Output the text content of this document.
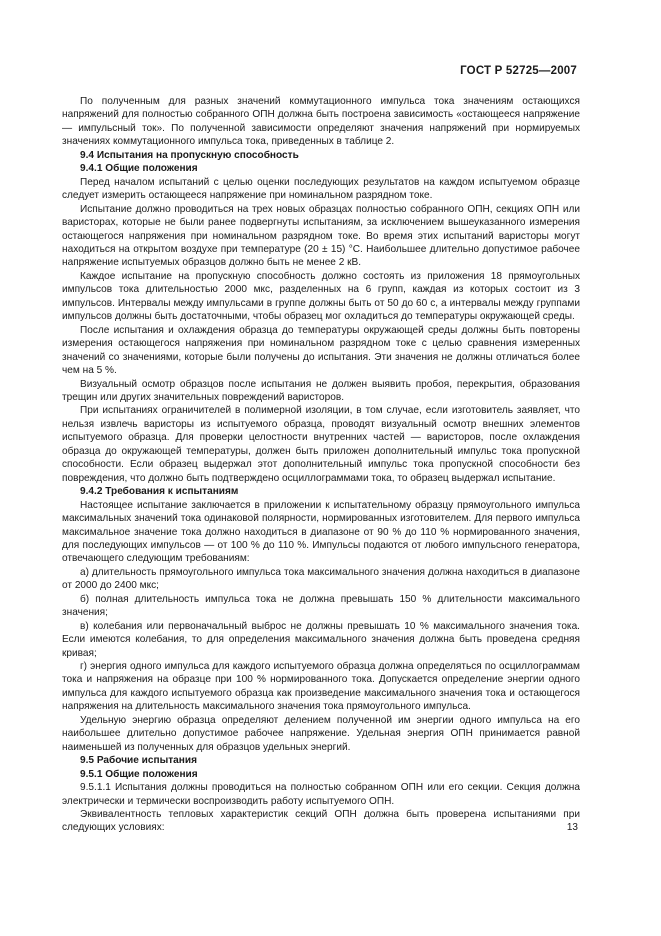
ГОСТ Р 52725—2007

По полученным для разных значений коммутационного импульса тока значениям остающихся напряжений для полностью собранного ОПН должна быть построена зависимость «остающееся напряжение — импульсный ток». По полученной зависимости определяют значения напряжений при нормируемых значениях коммутационного импульса тока, приведенных в таблице 2.

9.4 Испытания на пропускную способность

9.4.1 Общие положения

Перед началом испытаний с целью оценки последующих результатов на каждом испытуемом образце следует измерить остающееся напряжение при номинальном разрядном токе.

Испытание должно проводиться на трех новых образцах полностью собранного ОПН, секциях ОПН или варисторах, которые не были ранее подвергнуты испытаниям, за исключением вышеуказанного измерения остающегося напряжения при номинальном разрядном токе. Во время этих испытаний варисторы могут находиться на открытом воздухе при температуре (20 ± 15) °С. Наибольшее длительно допустимое рабочее напряжение испытуемых образцов должно быть не менее 2 кВ.

Каждое испытание на пропускную способность должно состоять из приложения 18 прямоугольных импульсов тока длительностью 2000 мкс, разделенных на 6 групп, каждая из которых состоит из 3 импульсов. Интервалы между импульсами в группе должны быть от 50 до 60 с, а интервалы между группами импульсов должны быть достаточными, чтобы образец мог охладиться до температуры окружающей среды.

После испытания и охлаждения образца до температуры окружающей среды должны быть повторены измерения остающегося напряжения при номинальном разрядном токе с целью сравнения измеренных значений со значениями, которые были получены до испытания. Эти значения не должны отличаться более чем на 5 %.

Визуальный осмотр образцов после испытания не должен выявить пробоя, перекрытия, образования трещин или других значительных повреждений варисторов.

При испытаниях ограничителей в полимерной изоляции, в том случае, если изготовитель заявляет, что нельзя извлечь варисторы из испытуемого образца, проводят визуальный осмотр внешних элементов испытуемого образца. Для проверки целостности внутренних частей — варисторов, после охлаждения образца до окружающей температуры, должен быть приложен дополнительный импульс тока пропускной способности. Если образец выдержал этот дополнительный импульс тока пропускной способности без повреждения, что должно быть подтверждено осциллограммами тока, то образец выдержал испытание.

9.4.2 Требования к испытаниям

Настоящее испытание заключается в приложении к испытательному образцу прямоугольного импульса максимальных значений тока одинаковой полярности, нормированных изготовителем. Для первого импульса максимальное значение тока должно находиться в диапазоне от 90 % до 110 % нормированного значения, для последующих импульсов — от 100 % до 110 %. Импульсы подаются от любого импульсного генератора, отвечающего следующим требованиям:

а) длительность прямоугольного импульса тока максимального значения должна находиться в диапазоне от 2000 до 2400 мкс;

б) полная длительность импульса тока не должна превышать 150 % длительности максимального значения;

в) колебания или первоначальный выброс не должны превышать 10 % максимального значения тока. Если имеются колебания, то для определения максимального значения должна быть проведена средняя кривая;

г) энергия одного импульса для каждого испытуемого образца должна определяться по осциллограммам тока и напряжения на образце при 100 % нормированного тока. Допускается определение энергии одного импульса для каждого испытуемого образца как произведение максимального значения тока и остающегося напряжения на длительность максимального значения тока прямоугольного импульса.

Удельную энергию образца определяют делением полученной им энергии одного импульса на его наибольшее длительно допустимое рабочее напряжение. Удельная энергия ОПН принимается равной наименьшей из полученных для образцов удельных энергий.

9.5 Рабочие испытания

9.5.1 Общие положения

9.5.1.1 Испытания должны проводиться на полностью собранном ОПН или его секции. Секция должна электрически и термически воспроизводить работу испытуемого ОПН.

Эквивалентность тепловых характеристик секций ОПН должна быть проверена испытаниями при следующих условиях:	13
